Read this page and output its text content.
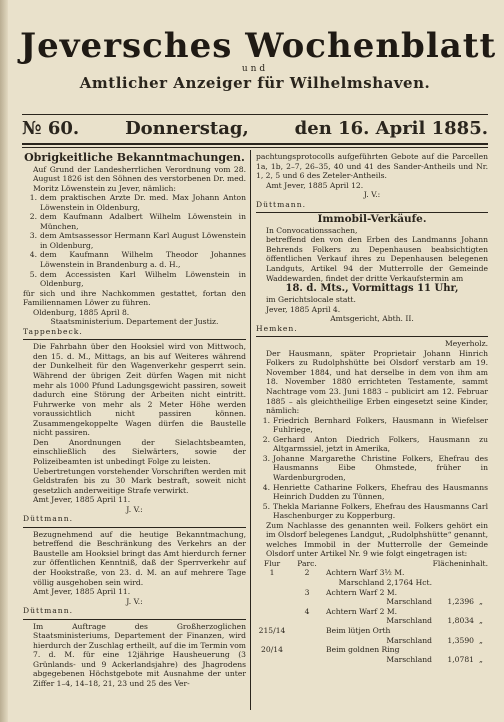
Jeversches Wochenblatt
und
Amtlicher Anzeiger für Wilhelmshaven.
№ 60.	Donnerstag,	den 16. April 1885.
Obrigkeitliche Bekanntmachungen.

Auf Grund der Landesherrlichen Verordnung vom 28. August 1826 ist den Söhnen des verstorbenen Dr. med. Moritz Löwenstein zu Jever, nämlich:

1. dem praktischen Arzte Dr. med. Max Johann Anton Löwenstein in Oldenburg,
2. dem Kaufmann Adalbert Wilhelm Löwenstein in München,
3. dem Amtsassessor Hermann Karl August Löwenstein in Oldenburg,
4. dem Kaufmann Wilhelm Theodor Johannes Löwenstein in Brandenburg a. d. H.,
5. dem Accessisten Karl Wilhelm Löwenstein in Oldenburg,

für sich und ihre Nachkommen gestattet, fortan den Familiennamen Löwer zu führen.

Oldenburg, 1885 April 8.

Staatsministerium. Departement der Justiz.

Tappenbeck.

Die Fahrbahn über den Hooksiel wird von Mittwoch, den 15. d. M., Mittags, an bis auf Weiteres während der Dunkelheit für den Wagenverkehr gesperrt sein. Während der übrigen Zeit dürfen Wagen mit nicht mehr als 1000 Pfund Ladungsgewicht passiren, soweit dadurch eine Störung der Arbeiten nicht eintritt. Fuhrwerke von mehr als 2 Meter Höhe werden voraussichtlich nicht passiren können. Zusammengekoppelte Wagen dürfen die Baustelle nicht passiren.

Den Anordnungen der Sielachtsbeamten, einschließlich des Sielwärters, sowie der Polizeibeamten ist unbedingt Folge zu leisten.

Uebertretungen vorstehender Vorschriften werden mit Geldstrafen bis zu 30 Mark bestraft, soweit nicht gesetzlich anderweitige Strafe verwirkt.

Amt Jever, 1885 April 11.

J. V.:

Düttmann.

Bezugnehmend auf die heutige Bekanntmachung, betreffend die Beschränkung des Verkehrs an der Baustelle am Hooksiel bringt das Amt hierdurch ferner zur öffentlichen Kenntniß, daß der Sperrverkehr auf der Hookstraße, von 23. d. M. an auf mehrere Tage völlig ausgehoben sein wird.

Amt Jever, 1885 April 11.

J. V.:

Düttmann.

Im Auftrage des Großherzoglichen Staatsministeriums, Departement der Finanzen, wird hierdurch der Zuschlag ertheilt, auf die im Termin vom 7. d. M. für eine 12jährige Hausheuerung (3 Grünlands- und 9 Ackerlandsjahre) des Jhagrodens abgegebenen Höchstgebote mit Ausnahme der unter Ziffer 1–4, 14–18, 21, 23 und 25 des Ver-

pachtungsprotocolls aufgeführten Gebote auf die Parcellen 1a, 1b, 2–7, 26–35, 40 und 41 des Sander-Antheils und Nr. 1, 2, 5 und 6 des Zeteler-Antheils.

Amt Jever, 1885 April 12.

J. V.:

Düttmann.

Immobil-Verkäufe.

In Convocationssachen,

betreffend den von den Erben des Landmanns Johann Behrends Folkers zu Depenhausen beabsichtigten öffentlichen Verkauf ihres zu Depenhausen belegenen Landguts, Artikel 94 der Mutterrolle der Gemeinde Waddewarden, findet der dritte Verkaufstermin am

18. d. Mts., Vormittags 11 Uhr,

im Gerichtslocale statt.

Jever, 1885 April 4.

Amtsgericht, Abth. II.

Hemken.

Meyerholz.

Der Hausmann, später Proprietair Johann Hinrich Folkers zu Rudolphshütte bei Olsdorf verstarb am 19. November 1884, und hat derselbe in dem von ihm am 18. November 1880 errichteten Testamente, sammt Nachtrage vom 23. Juni 1883 – publicirt am 12. Februar 1885 – als gleichtheilige Erben eingesetzt seine Kinder, nämlich:

1. Friedrich Bernhard Folkers, Hausmann in Wiefelser Fuhlriege,
2. Gerhard Anton Diedrich Folkers, Hausmann zu Altgarmssiel, jetzt in Amerika,
3. Johanne Margarethe Christine Folkers, Ehefrau des Hausmanns Eibe Ohmstede, früher in Wardenburgroden,
4. Henriette Catharine Folkers, Ehefrau des Hausmanns Heinrich Dudden zu Tünnen,
5. Thekla Marianne Folkers, Ehefrau des Hausmanns Carl Haschenburger zu Kopperburg.

Zum Nachlasse des genannten weil. Folkers gehört ein im Olsdorf belegenes Landgut, „Rudolphshütte“ genannt, welches Immobil in der Mutterrolle der Gemeinde Olsdorf unter Artikel Nr. 9 wie folgt eingetragen ist:

Flur	Parc.		Flächeninhalt.	
1	2	Achtern Warf 3¹⁄₂ M.		
		Marschland 2,1764 Hct.		
	3	Achtern Warf 2 M.		
		Marschland	1,2396	„
	4	Achtern Warf 2 M.		
		Marschland	1,8034	„
215/14		Beim lütjen Orth		
		Marschland	1,3590	„
20/14		Beim goldnen Ring		
		Marschland	1,0781	„
